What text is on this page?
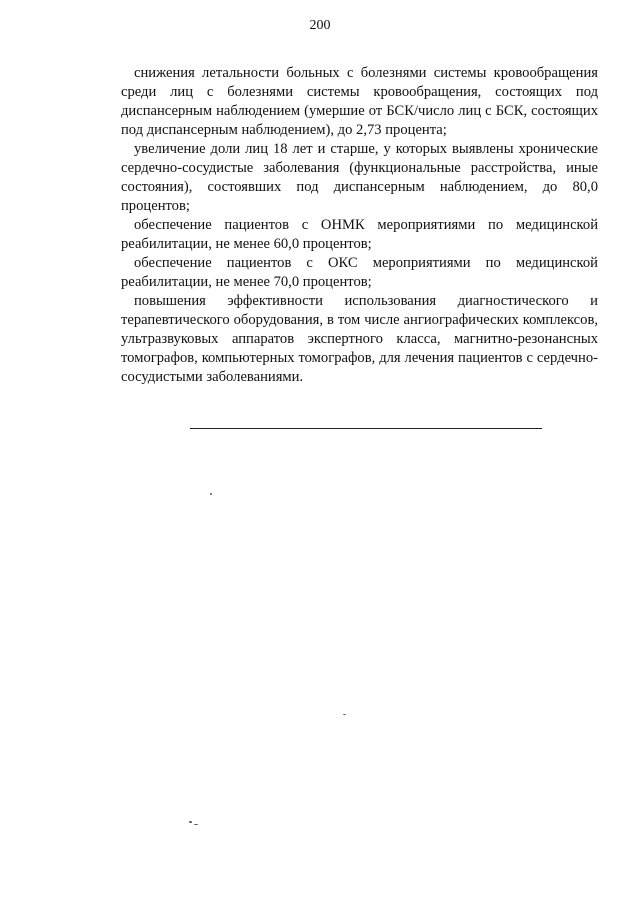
200

снижения летальности больных с болезнями системы кровообращения среди лиц с болезнями системы кровообращения, состоящих под диспансерным наблюдением (умершие от БСК/число лиц с БСК, состоящих под диспансерным наблюдением), до 2,73 процента;

увеличение доли лиц 18 лет и старше, у которых выявлены хронические сердечно-сосудистые заболевания (функциональные расстройства, иные состояния), состоявших под диспансерным наблюдением, до 80,0 процентов;

обеспечение пациентов с ОНМК мероприятиями по медицинской реабилитации, не менее 60,0 процентов;

обеспечение пациентов с ОКС мероприятиями по медицинской реабилитации, не менее 70,0 процентов;

повышения эффективности использования диагностического и терапевтического оборудования, в том числе ангиографических комплексов, ультразвуковых аппаратов экспертного класса, магнитно-резонансных томографов, компьютерных томографов, для лечения пациентов с сердечно-сосудистыми заболеваниями.
